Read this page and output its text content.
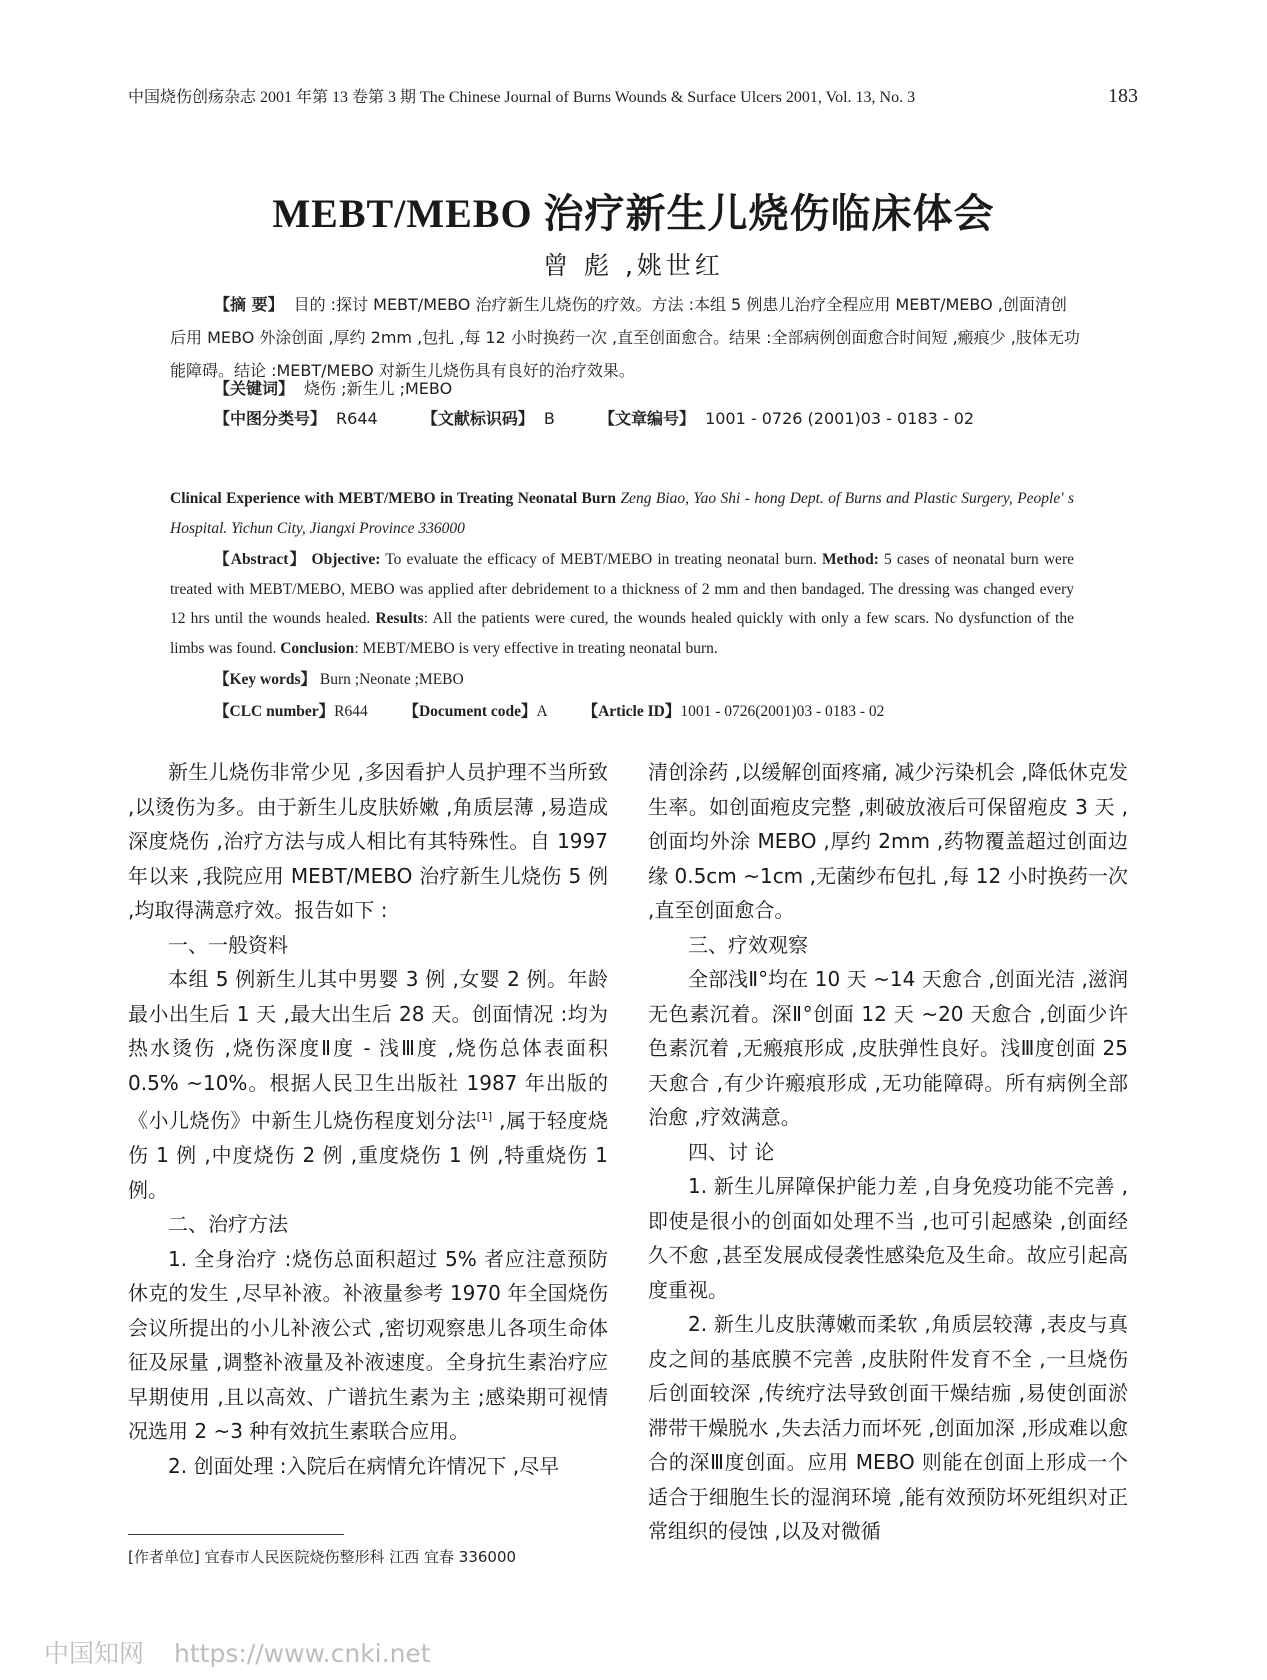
中国烧伤创疡杂志 2001 年第 13 卷第 3 期 The Chinese Journal of Burns Wounds & Surface Ulcers 2001, Vol. 13, No. 3	183
MEBT/MEBO 治疗新生儿烧伤临床体会
曾 彪 ,姚世红

【摘 要】 目的 :探讨 MEBT/MEBO 治疗新生儿烧伤的疗效。方法 :本组 5 例患儿治疗全程应用 MEBT/MEBO ,创面清创后用 MEBO 外涂创面 ,厚约 2mm ,包扎 ,每 12 小时换药一次 ,直至创面愈合。结果 :全部病例创面愈合时间短 ,瘢痕少 ,肢体无功能障碍。结论 :MEBT/MEBO 对新生儿烧伤具有良好的治疗效果。

【关键词】 烧伤 ;新生儿 ;MEBO

【中图分类号】 R644	【文献标识码】 B	【文章编号】 1001 - 0726 (2001)03 - 0183 - 02

Clinical Experience with MEBT/MEBO in Treating Neonatal Burn Zeng Biao, Yao Shi - hong Dept. of Burns and Plastic Surgery, People' s Hospital. Yichun City, Jiangxi Province 336000

【Abstract】 Objective: To evaluate the efficacy of MEBT/MEBO in treating neonatal burn. Method: 5 cases of neonatal burn were treated with MEBT/MEBO, MEBO was applied after debridement to a thickness of 2 mm and then bandaged. The dressing was changed every 12 hrs until the wounds healed. Results: All the patients were cured, the wounds healed quickly with only a few scars. No dysfunction of the limbs was found. Conclusion: MEBT/MEBO is very effective in treating neonatal burn.

【Key words】 Burn ;Neonate ;MEBO

【CLC number】R644 【Document code】A 【Article ID】1001 - 0726(2001)03 - 0183 - 02

新生儿烧伤非常少见 ,多因看护人员护理不当所致 ,以烫伤为多。由于新生儿皮肤娇嫩 ,角质层薄 ,易造成深度烧伤 ,治疗方法与成人相比有其特殊性。自 1997 年以来 ,我院应用 MEBT/MEBO 治疗新生儿烧伤 5 例 ,均取得满意疗效。报告如下 :

一、一般资料

本组 5 例新生儿其中男婴 3 例 ,女婴 2 例。年龄最小出生后 1 天 ,最大出生后 28 天。创面情况 :均为热水烫伤 ,烧伤深度Ⅱ度 - 浅Ⅲ度 ,烧伤总体表面积 0.5% ~10%。根据人民卫生出版社 1987 年出版的《小儿烧伤》中新生儿烧伤程度划分法[1] ,属于轻度烧伤 1 例 ,中度烧伤 2 例 ,重度烧伤 1 例 ,特重烧伤 1 例。

二、治疗方法

1. 全身治疗 :烧伤总面积超过 5% 者应注意预防休克的发生 ,尽早补液。补液量参考 1970 年全国烧伤会议所提出的小儿补液公式 ,密切观察患儿各项生命体征及尿量 ,调整补液量及补液速度。全身抗生素治疗应早期使用 ,且以高效、广谱抗生素为主 ;感染期可视情况选用 2 ~3 种有效抗生素联合应用。

2. 创面处理 :入院后在病情允许情况下 ,尽早

清创涂药 ,以缓解创面疼痛, 减少污染机会 ,降低休克发生率。如创面疱皮完整 ,刺破放液后可保留疱皮 3 天 ,创面均外涂 MEBO ,厚约 2mm ,药物覆盖超过创面边缘 0.5cm ~1cm ,无菌纱布包扎 ,每 12 小时换药一次 ,直至创面愈合。

三、疗效观察

全部浅Ⅱ°均在 10 天 ~14 天愈合 ,创面光洁 ,滋润无色素沉着。深Ⅱ°创面 12 天 ~20 天愈合 ,创面少许色素沉着 ,无瘢痕形成 ,皮肤弹性良好。浅Ⅲ度创面 25 天愈合 ,有少许瘢痕形成 ,无功能障碍。所有病例全部治愈 ,疗效满意。

四、讨 论

1. 新生儿屏障保护能力差 ,自身免疫功能不完善 ,即使是很小的创面如处理不当 ,也可引起感染 ,创面经久不愈 ,甚至发展成侵袭性感染危及生命。故应引起高度重视。

2. 新生儿皮肤薄嫩而柔软 ,角质层较薄 ,表皮与真皮之间的基底膜不完善 ,皮肤附件发育不全 ,一旦烧伤后创面较深 ,传统疗法导致创面干燥结痂 ,易使创面淤滞带干燥脱水 ,失去活力而坏死 ,创面加深 ,形成难以愈合的深Ⅲ度创面。应用 MEBO 则能在创面上形成一个适合于细胞生长的湿润环境 ,能有效预防坏死组织对正常组织的侵蚀 ,以及对微循

[作者单位] 宜春市人民医院烧伤整形科 江西 宜春 336000
中国知网 https://www.cnki.net
